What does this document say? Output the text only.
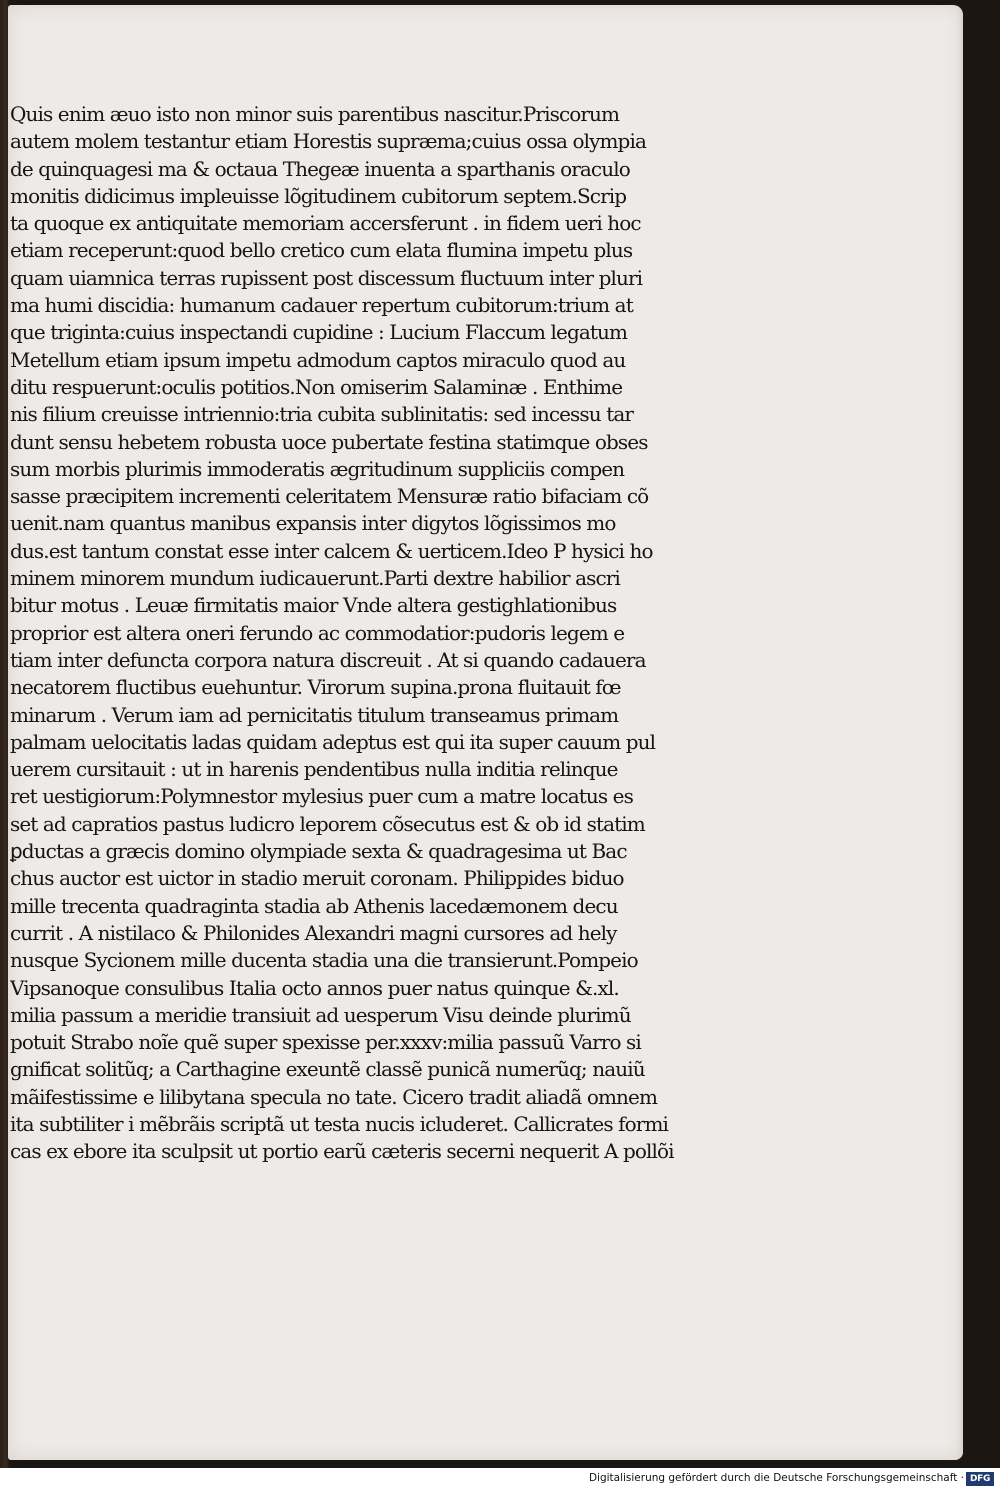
Quis enim æuo isto non minor suis parentibus nascitur.Priscorum
autem molem testantur etiam Horestis supræma;cuius ossa olympia
de quinquagesi ma & octaua Thegeæ inuenta a sparthanis oraculo
monitis didicimus impleuisse lõgitudinem cubitorum septem.Scrip
ta quoque ex antiquitate memoriam accersferunt . in fidem ueri hoc
etiam receperunt:quod bello cretico cum elata flumina impetu plus
quam uiamnica terras rupissent post discessum fluctuum inter pluri
ma humi discidia: humanum cadauer repertum cubitorum:trium at
que triginta:cuius inspectandi cupidine : Lucium Flaccum legatum
Metellum etiam ipsum impetu admodum captos miraculo quod au
ditu respuerunt:oculis potitios.Non omiserim Salaminæ . Enthime
nis filium creuisse intriennio:tria cubita sublinitatis: sed incessu tar
dunt sensu hebetem robusta uoce pubertate festina statimque obses
sum morbis plurimis immoderatis ægritudinum suppliciis compen
sasse præcipitem incrementi celeritatem Mensuræ ratio bifaciam cõ
uenit.nam quantus manibus expansis inter digytos lõgissimos mo
dus.est tantum constat esse inter calcem & uerticem.Ideo P hysici ho
minem minorem mundum iudicauerunt.Parti dextre habilior ascri
bitur motus . Leuæ firmitatis maior Vnde altera gestighlationibus
proprior est altera oneri ferundo ac commodatior:pudoris legem e
tiam inter defuncta corpora natura discreuit . At si quando cadauera
necatorem fluctibus euehuntur. Virorum supina.prona fluitauit fœ
minarum . Verum iam ad pernicitatis titulum transeamus primam
palmam uelocitatis ladas quidam adeptus est qui ita super cauum pul
uerem cursitauit : ut in harenis pendentibus nulla inditia relinque
ret uestigiorum:Polymnestor mylesius puer cum a matre locatus es
set ad capratios pastus ludicro leporem cõsecutus est & ob id statim
ꝑductas a græcis domino olympiade sexta & quadragesima ut Bac
chus auctor est uictor in stadio meruit coronam. Philippides biduo
mille trecenta quadraginta stadia ab Athenis lacedæmonem decu
currit . A nistilaco & Philonides Alexandri magni cursores ad hely
nusque Sycionem mille ducenta stadia una die transierunt.Pompeio
Vipsanoque consulibus Italia octo annos puer natus quinque &.xl.
milia passum a meridie transiuit ad uesperum Visu deinde plurimũ
potuit Strabo noĩe quẽ super spexisse per.xxxv:milia passuũ Varro si
gnificat solitũq; a Carthagine exeuntẽ classẽ punicã numerũq; nauiũ
mãifestissime e lilibytana specula no tate. Cicero tradit aliadã omnem
ita subtiliter i mẽbrãis scriptã ut testa nucis icluderet. Callicrates formi
cas ex ebore ita sculpsit ut portio earũ cæteris secerni nequerit A pollõi
Digitalisierung gefördert durch die Deutsche Forschungsgemeinschaft · DFG
